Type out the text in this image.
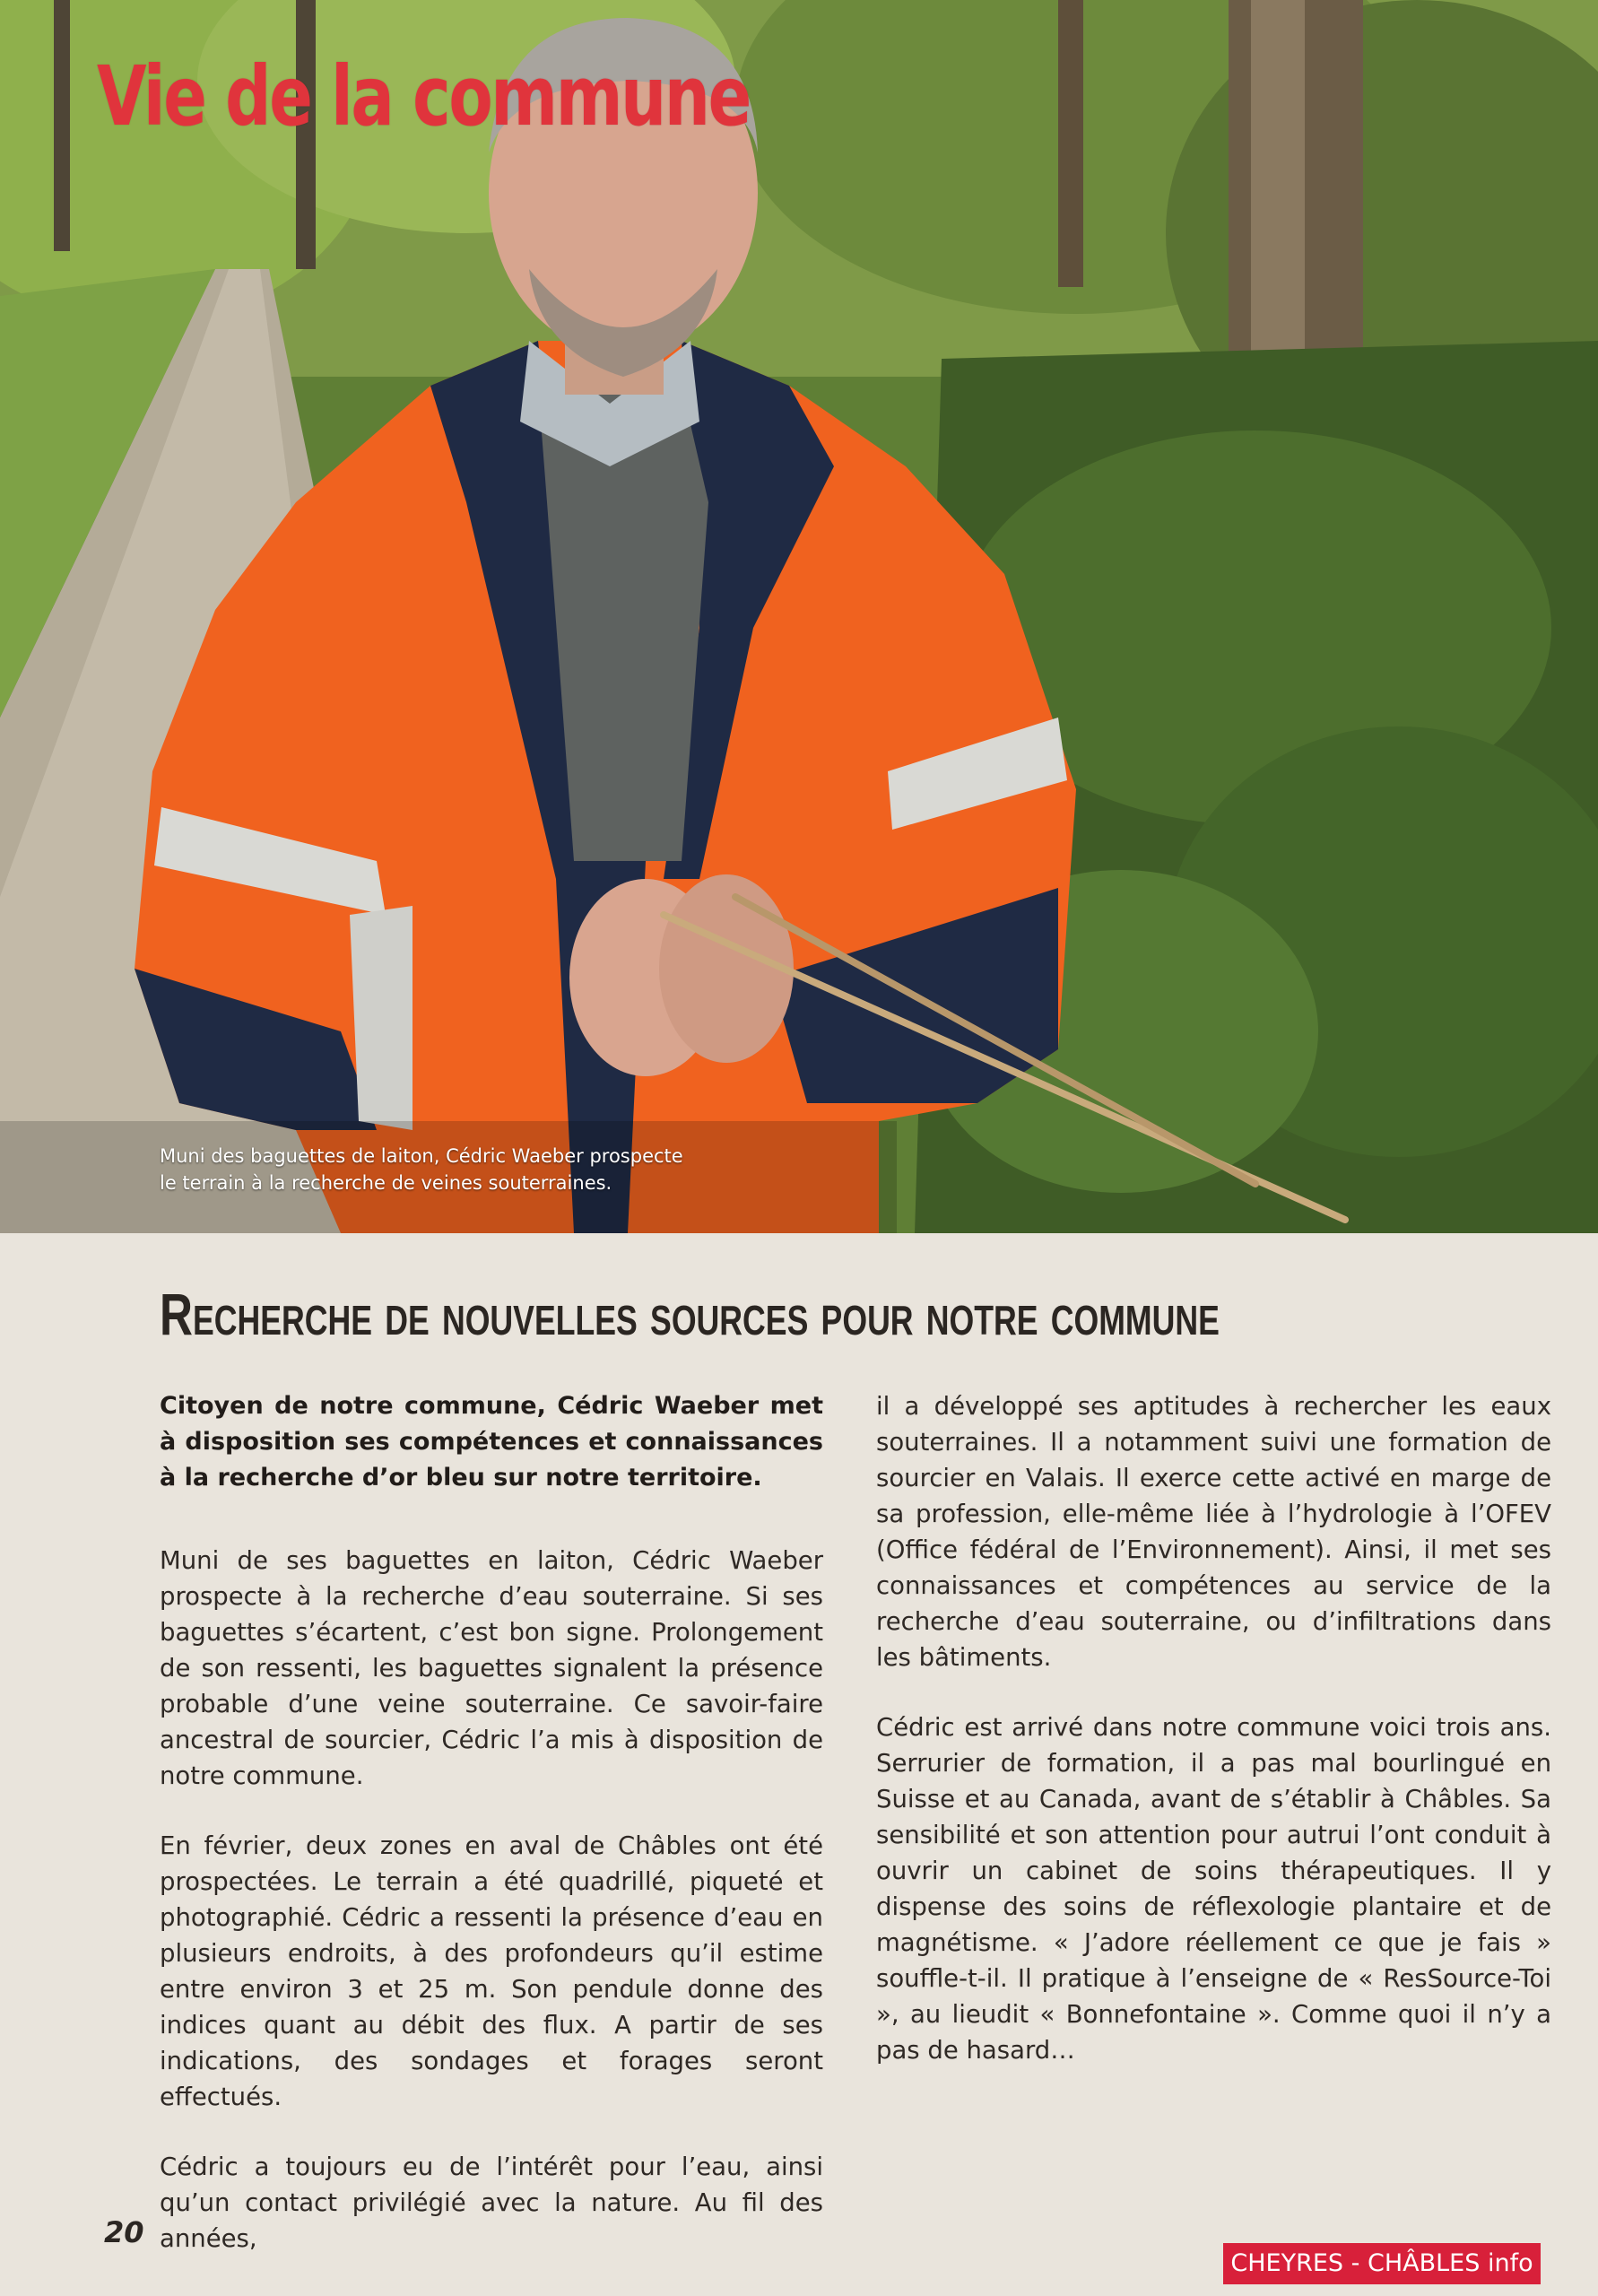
Vie de la commune

Muni des baguettes de laiton, Cédric Waeber prospecte
le terrain à la recherche de veines souterraines.

Recherche de nouvelles sources pour notre commune

Citoyen de notre commune, Cédric Waeber met à disposition ses compétences et connaissances à la recherche d’or bleu sur notre territoire.

Muni de ses baguettes en laiton, Cédric Waeber prospecte à la recherche d’eau souterraine. Si ses baguettes s’écartent, c’est bon signe. Prolongement de son ressenti, les baguettes signalent la présence probable d’une veine souterraine. Ce savoir-faire ancestral de sourcier, Cédric l’a mis à disposition de notre commune.

En février, deux zones en aval de Châbles ont été prospectées. Le terrain a été quadrillé, piqueté et photographié. Cédric a ressenti la présence d’eau en plusieurs endroits, à des profondeurs qu’il estime entre environ 3 et 25 m. Son pendule donne des indices quant au débit des flux. A partir de ses indications, des sondages et forages seront effectués.

Cédric a toujours eu de l’intérêt pour l’eau, ainsi qu’un contact privilégié avec la nature. Au fil des années,

il a développé ses aptitudes à rechercher les eaux souterraines. Il a notamment suivi une formation de sourcier en Valais. Il exerce cette activé en marge de sa profession, elle-même liée à l’hydrologie à l’OFEV (Office fédéral de l’Environnement). Ainsi, il met ses connaissances et compétences au service de la recherche d’eau souterraine, ou d’infiltrations dans les bâtiments.

Cédric est arrivé dans notre commune voici trois ans. Serrurier de formation, il a pas mal bourlingué en Suisse et au Canada, avant de s’établir à Châbles. Sa sensibilité et son attention pour autrui l’ont conduit à ouvrir un cabinet de soins thérapeutiques. Il y dispense des soins de réflexologie plantaire et de magnétisme. « J’adore réellement ce que je fais » souffle-t-il. Il pratique à l’enseigne de « ResSource-Toi », au lieudit « Bonnefontaine ». Comme quoi il n’y a pas de hasard…

20
CHEYRES - CHÂBLES info
